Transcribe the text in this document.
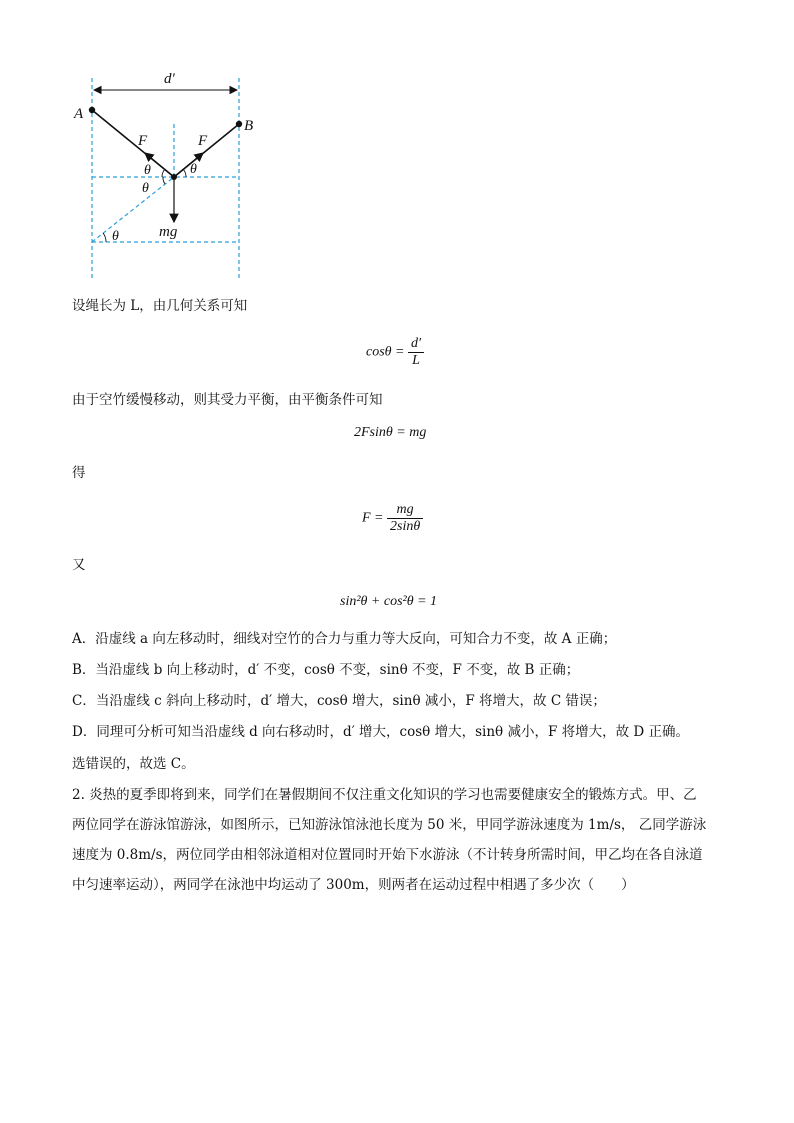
d′
A
B
F	F
θ	θ
θ
θ	mg
设绳长为 L，由几何关系可知
$\cos\theta = \frac{d'}{L}$
由于空竹缓慢移动，则其受力平衡，由平衡条件可知
2Fsinθ = mg
得
$F = \frac{mg}{2\sin\theta}$
又
sin²θ + cos²θ = 1
A．沿虚线 a 向左移动时，细线对空竹的合力与重力等大反向，可知合力不变，故 A 正确；
B．当沿虚线 b 向上移动时，d′ 不变，cosθ 不变，sinθ 不变，F 不变，故 B 正确；
C．当沿虚线 c 斜向上移动时，d′ 增大，cosθ 增大，sinθ 减小，F 将增大，故 C 错误；
D．同理可分析可知当沿虚线 d 向右移动时，d′ 增大，cosθ 增大，sinθ 减小，F 将增大，故 D 正确。
选错误的，故选 C。
2. 炎热的夏季即将到来，同学们在暑假期间不仅注重文化知识的学习也需要健康安全的锻炼方式。甲、乙
两位同学在游泳馆游泳，如图所示，已知游泳馆泳池长度为 50 米，甲同学游泳速度为 1m/s， 乙同学游泳
速度为 0.8m/s，两位同学由相邻泳道相对位置同时开始下水游泳（不计转身所需时间，甲乙均在各自泳道
中匀速率运动），两同学在泳池中均运动了 300m，则两者在运动过程中相遇了多少次（　　）
